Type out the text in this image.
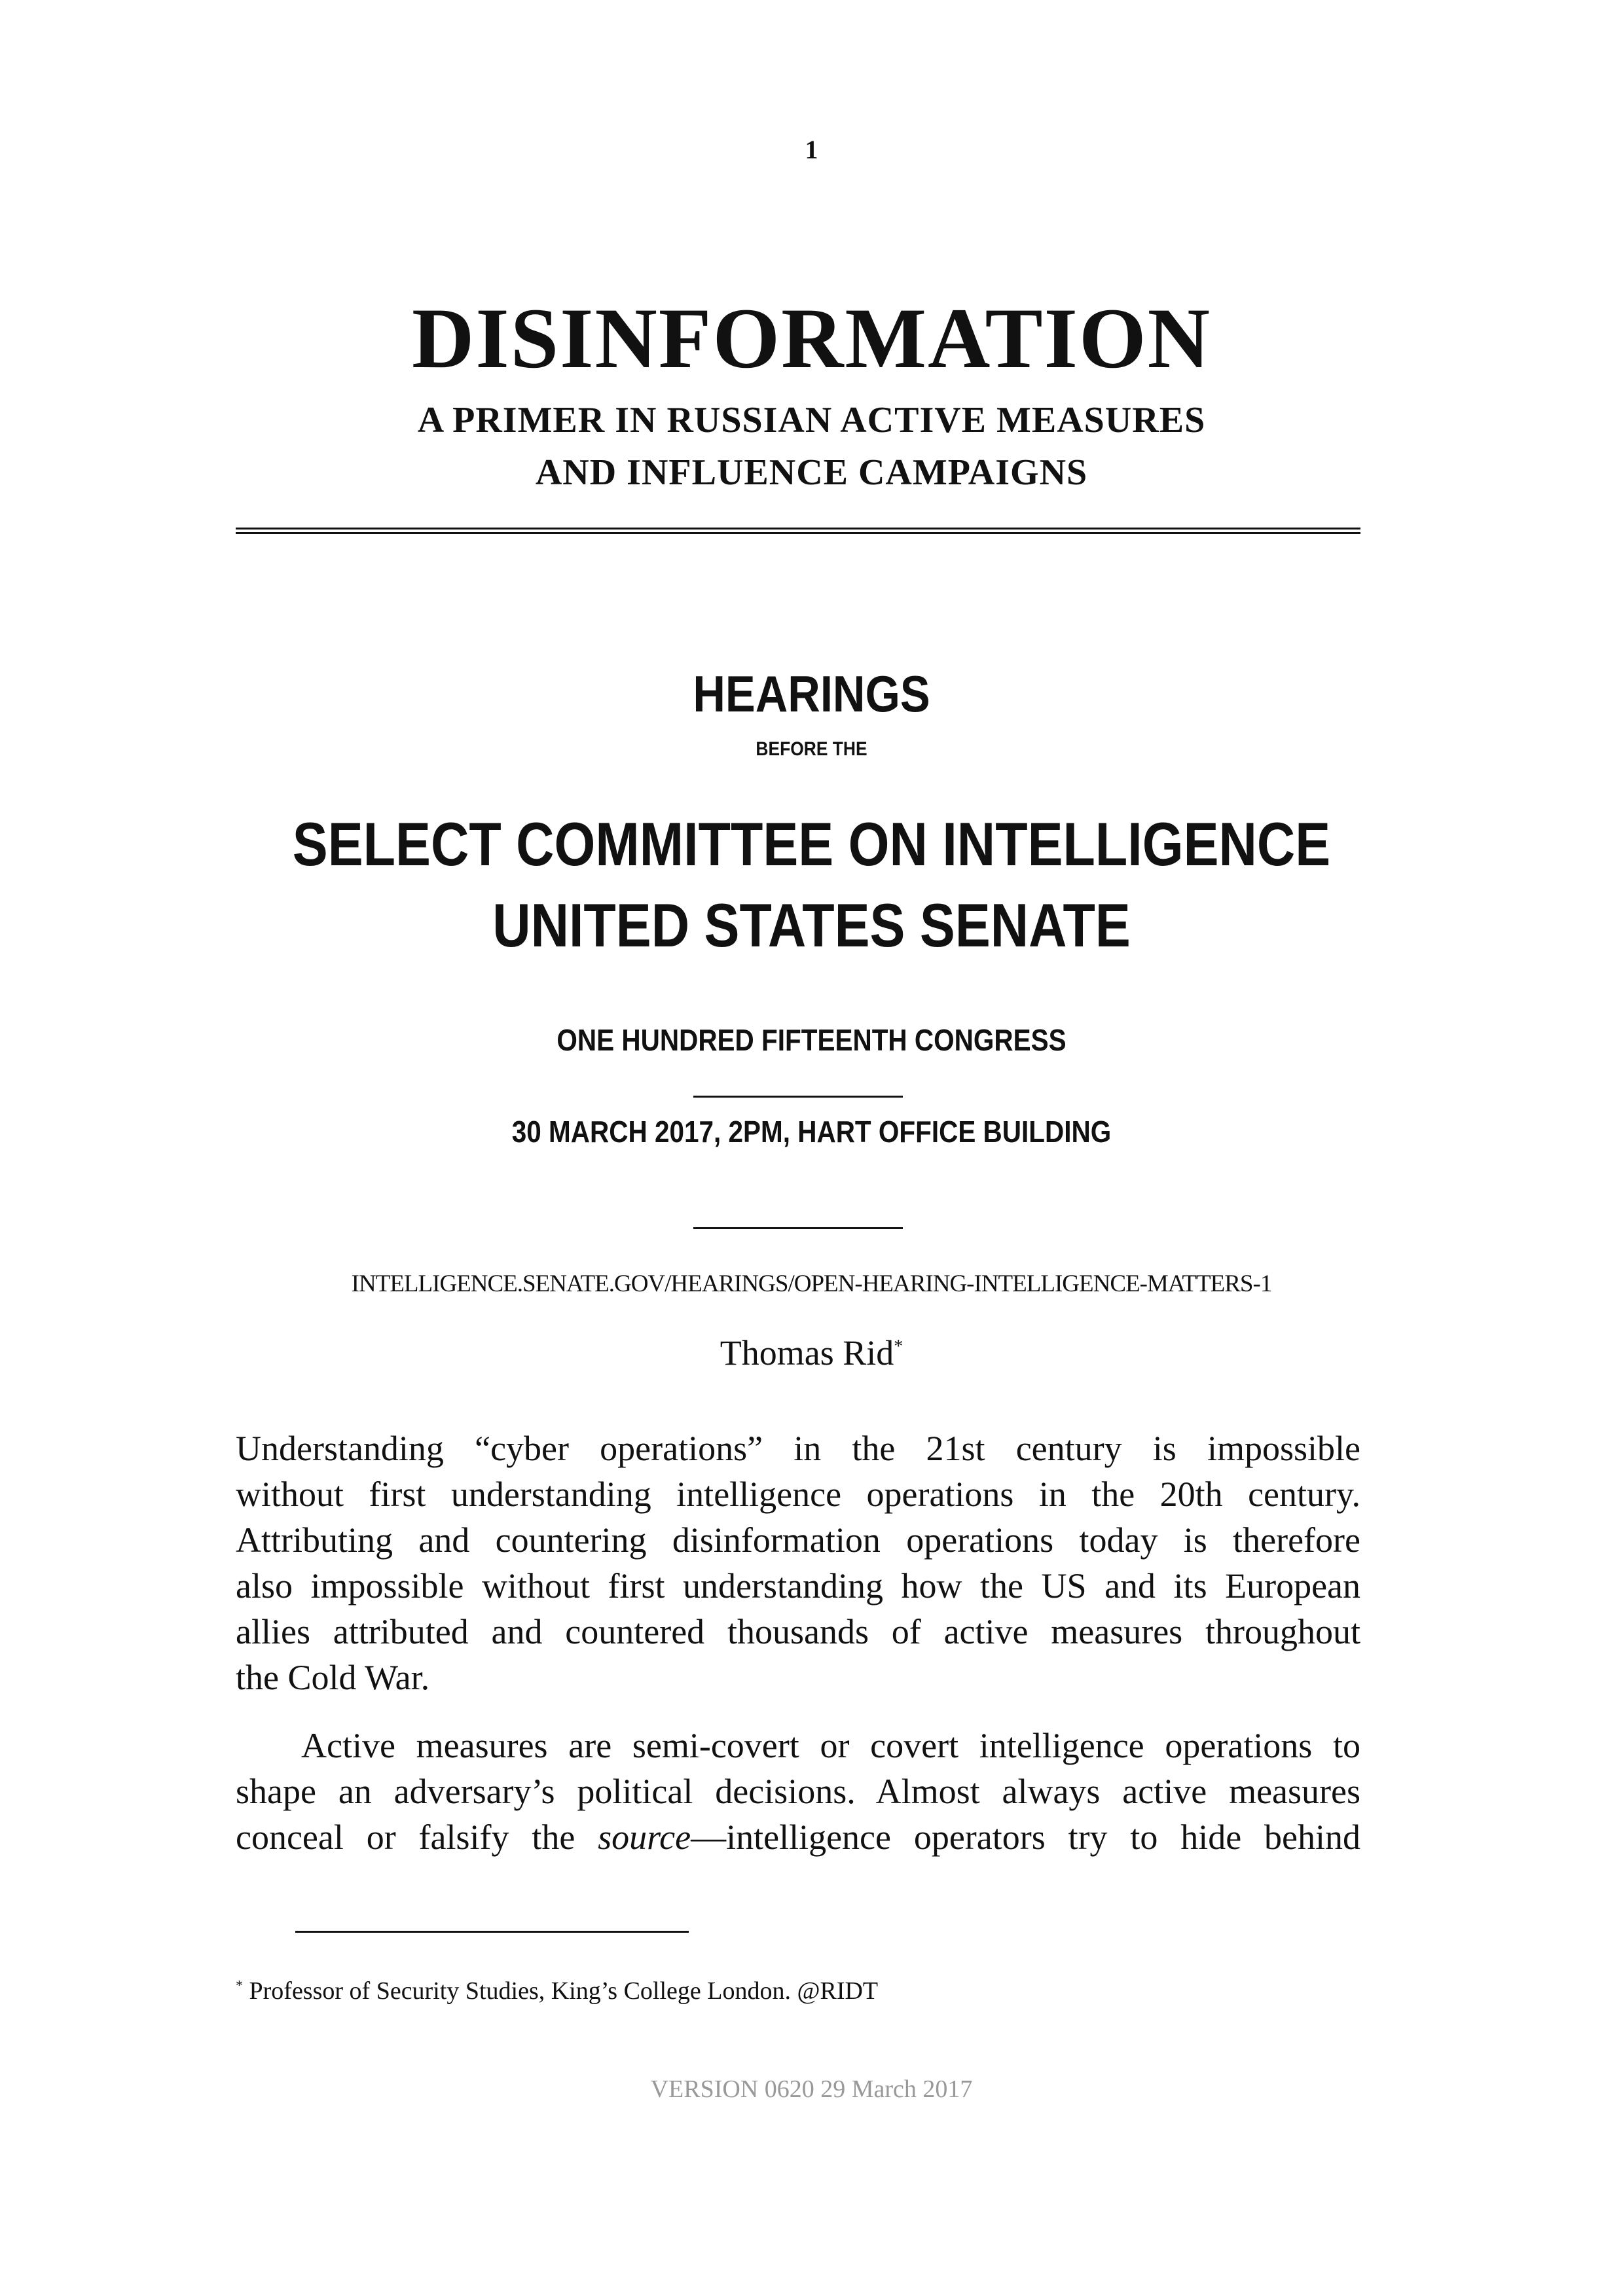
1
DISINFORMATION
A PRIMER IN RUSSIAN ACTIVE MEASURES
AND INFLUENCE CAMPAIGNS
HEARINGS
BEFORE THE
SELECT COMMITTEE ON INTELLIGENCE
UNITED STATES SENATE
ONE HUNDRED FIFTEENTH CONGRESS
30 MARCH 2017, 2PM, HART OFFICE BUILDING
INTELLIGENCE.SENATE.GOV/HEARINGS/OPEN-HEARING-INTELLIGENCE-MATTERS-1
Thomas Rid*
Understanding “cyber operations” in the 21st century is impossible
without first understanding intelligence operations in the 20th century.
Attributing and countering disinformation operations today is therefore
also impossible without first understanding how the US and its European
allies attributed and countered thousands of active measures throughout
the Cold War.
Active measures are semi-covert or covert intelligence operations to
shape an adversary’s political decisions. Almost always active measures
conceal or falsify the source—intelligence operators try to hide behind
* Professor of Security Studies, King’s College London. @RIDT
VERSION 0620 29 March 2017
